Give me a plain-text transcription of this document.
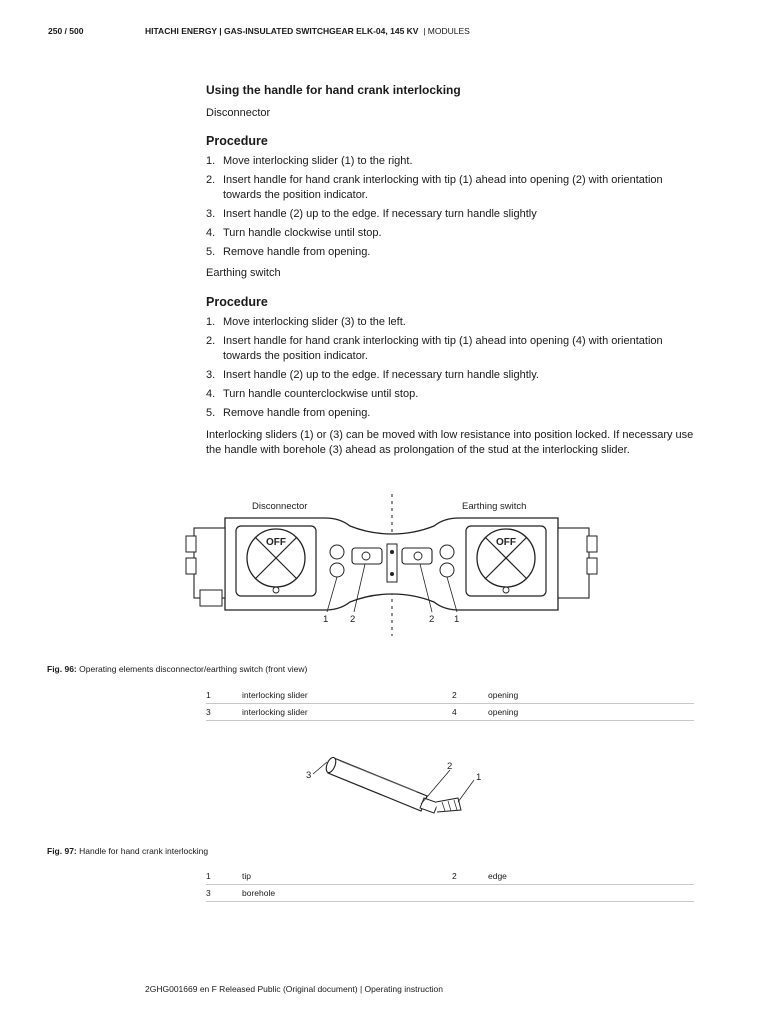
250 / 500	HITACHI ENERGY | GAS-INSULATED SWITCHGEAR ELK-04, 145 KV | MODULES

Using the handle for hand crank interlocking

Disconnector

Procedure

1. Move interlocking slider (1) to the right.
2. Insert handle for hand crank interlocking with tip (1) ahead into opening (2) with orientation towards the position indicator.
3. Insert handle (2) up to the edge. If necessary turn handle slightly
4. Turn handle clockwise until stop.
5. Remove handle from opening.

Earthing switch

Procedure

1. Move interlocking slider (3) to the left.
2. Insert handle for hand crank interlocking with tip (1) ahead into opening (4) with orientation towards the position indicator.
3. Insert handle (2) up to the edge. If necessary turn handle slightly.
4. Turn handle counterclockwise until stop.
5. Remove handle from opening.

Interlocking sliders (1) or (3) can be moved with low resistance into position locked. If necessary use the handle with borehole (3) ahead as prolongation of the stud at the interlocking slider.

Disconnector	Earthing switch
OFF	OFF
1 2	2 1
Fig. 96: Operating elements disconnector/earthing switch (front view)
1	interlocking slider	2	opening
3	interlocking slider	4	opening
3
2
1
Fig. 97: Handle for hand crank interlocking
1	tip	2	edge
3	borehole		
2GHG001669 en F Released Public (Original document) | Operating instruction
